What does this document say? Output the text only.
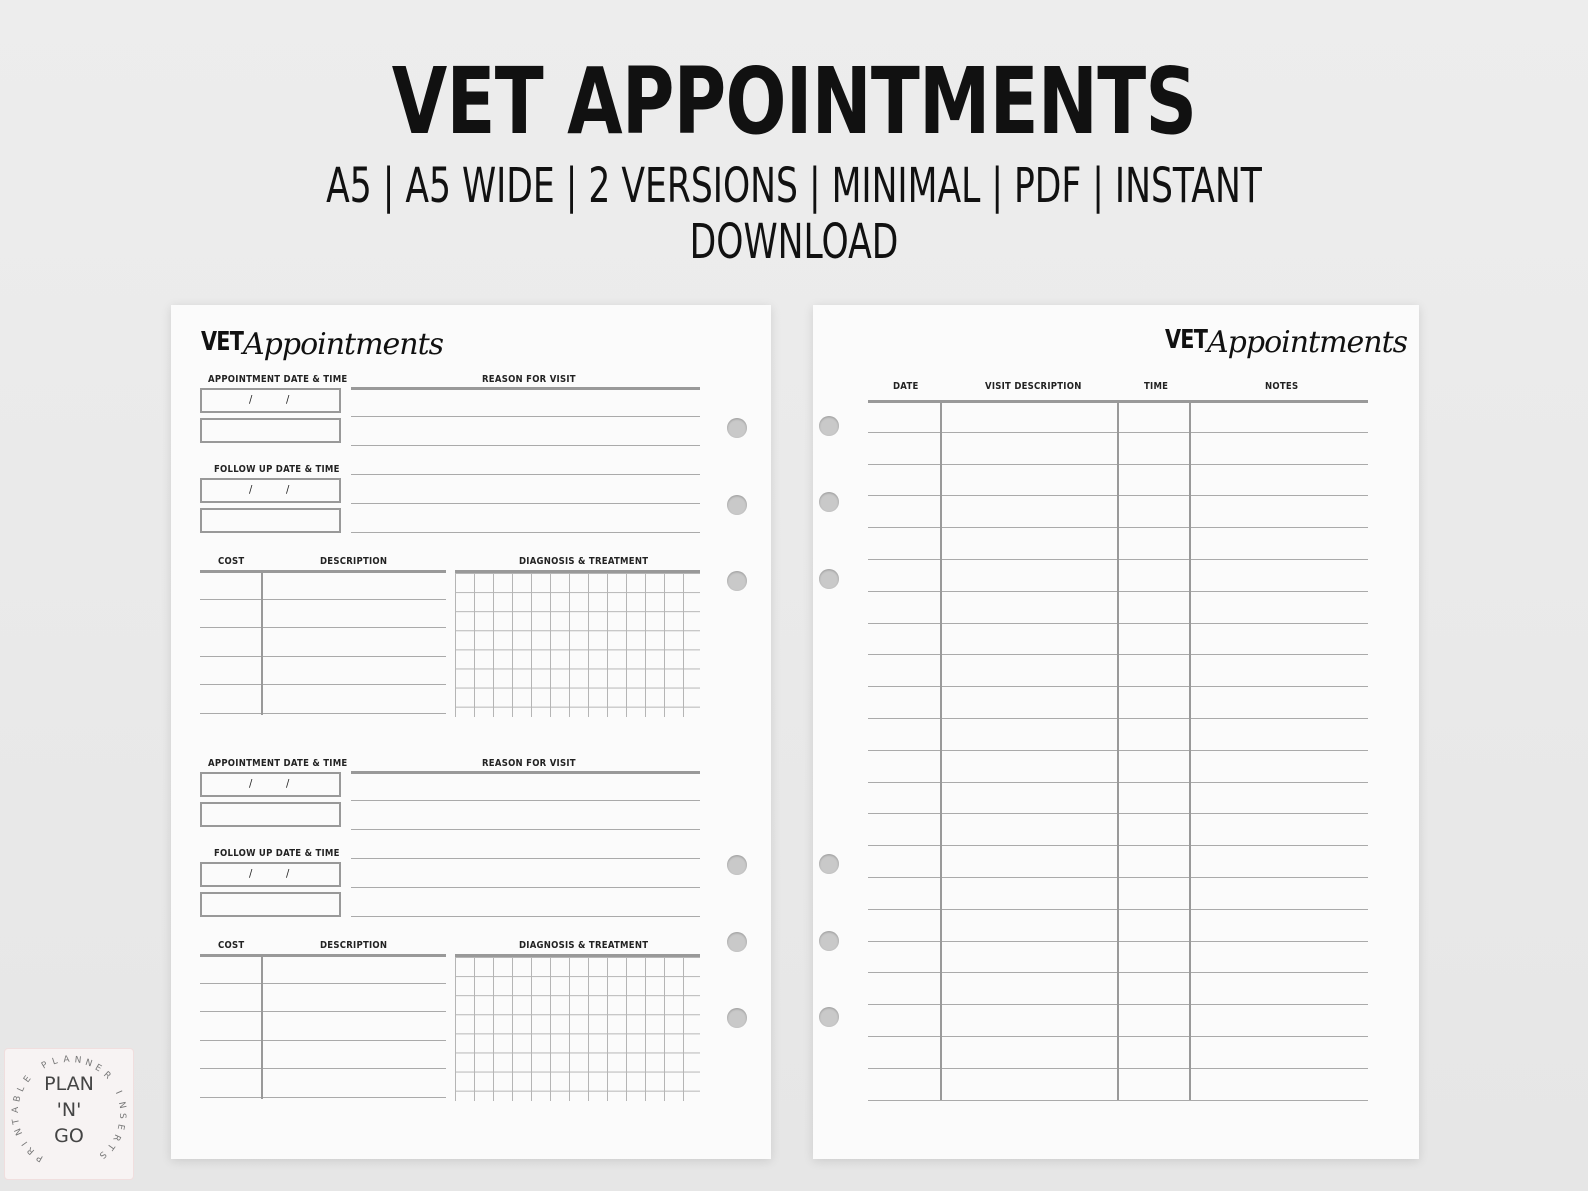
VET APPOINTMENTS
A5 | A5 WIDE | 2 VERSIONS | MINIMAL | PDF | INSTANT DOWNLOAD
VET Appointments
APPOINTMENT DATE & TIME	REASON FOR VISIT
/	/
/	/
FOLLOW UP DATE & TIME
COST	DESCRIPTION	DIAGNOSIS & TREATMENT
APPOINTMENT DATE & TIME	REASON FOR VISIT
/	/
/	/
FOLLOW UP DATE & TIME
COST	DESCRIPTION	DIAGNOSIS & TREATMENT
VET Appointments
DATE	VISIT DESCRIPTION	TIME	NOTES
P
R
I
N
T
A
B
L
E
P L A N N
E
R
I
N
S
E
R
T
S
PLAN
'N'
GO
